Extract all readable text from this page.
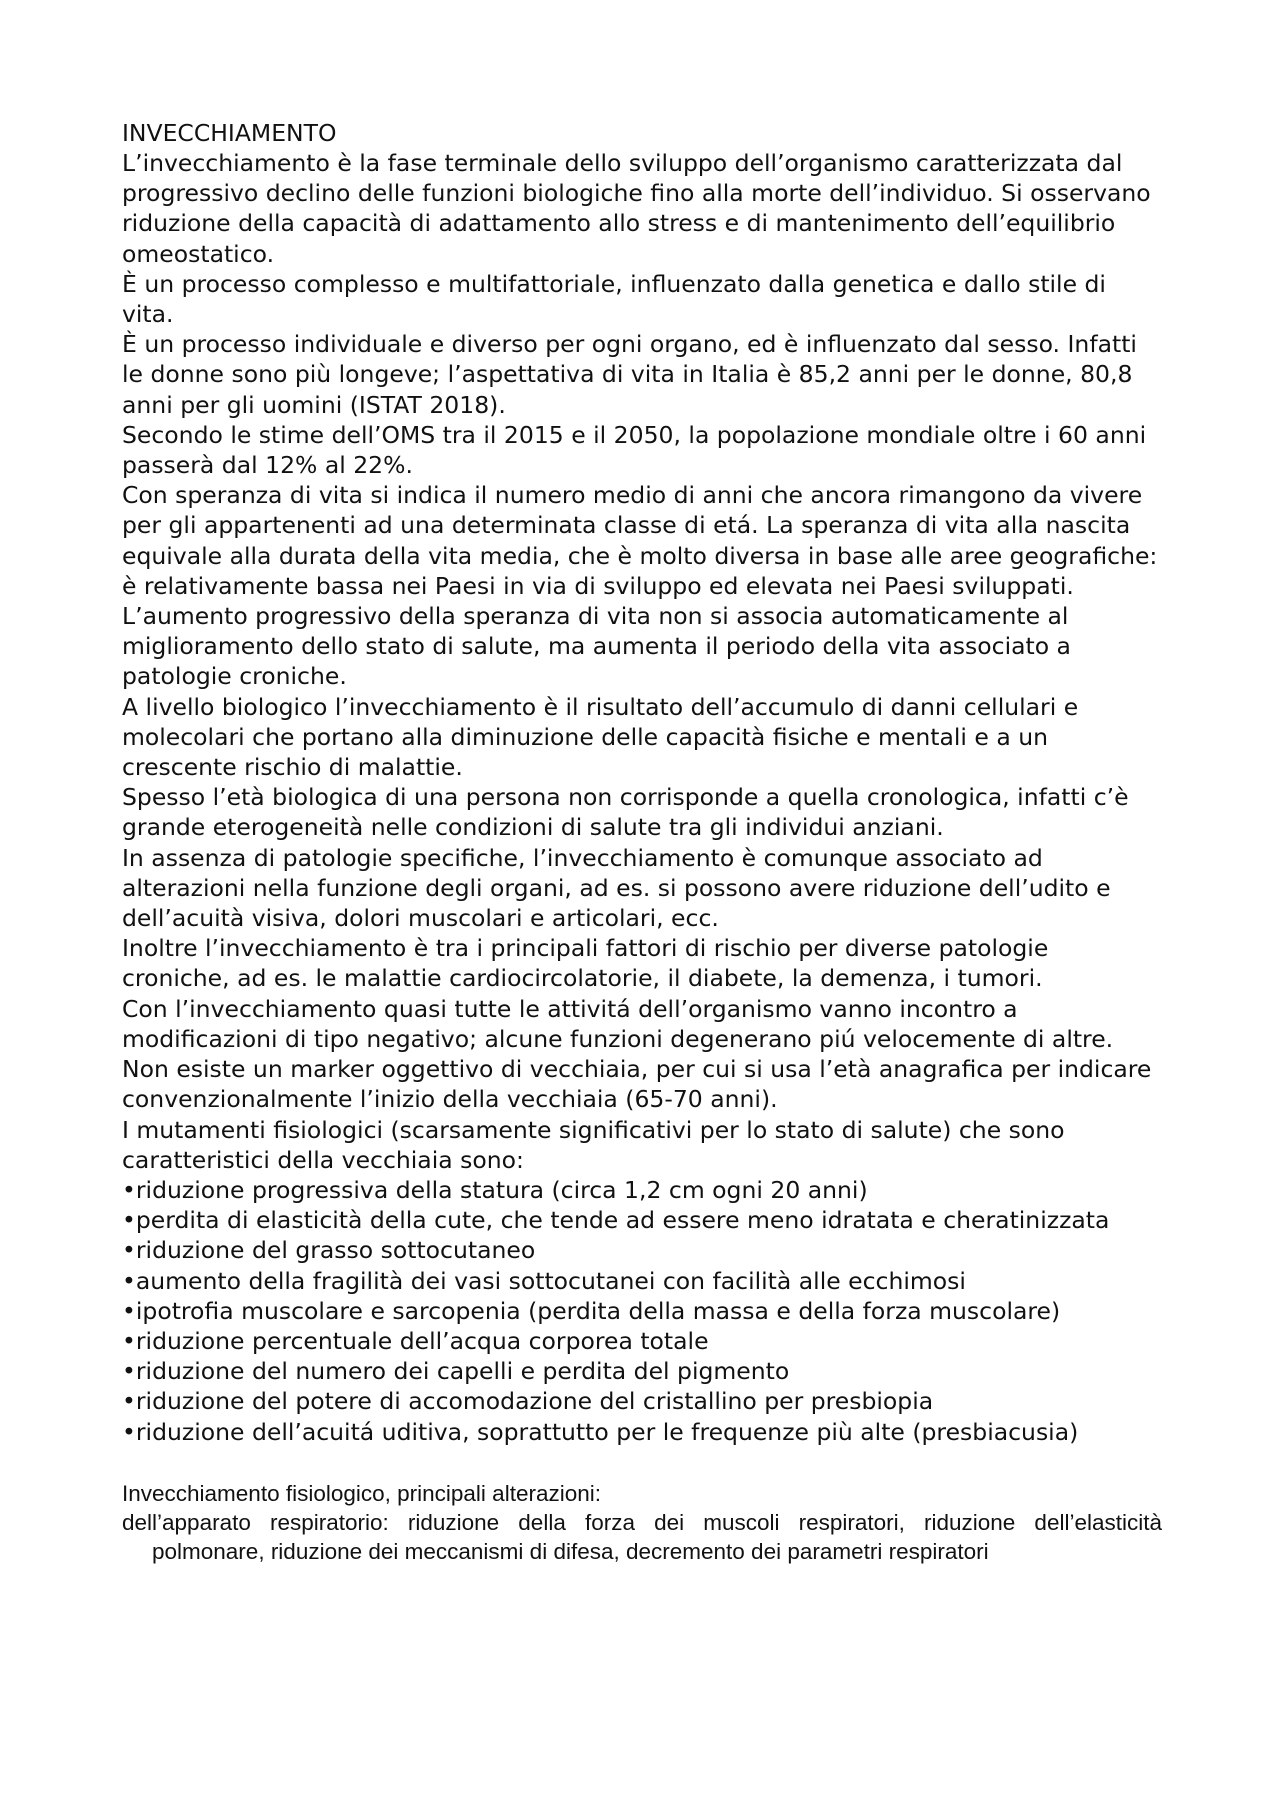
INVECCHIAMENTO

L’invecchiamento è la fase terminale dello sviluppo dell’organismo caratterizzata dal progressivo declino delle funzioni biologiche fino alla morte dell’individuo. Si osservano riduzione della capacità di adattamento allo stress e di mantenimento dell’equilibrio omeostatico.

È un processo complesso e multifattoriale, influenzato dalla genetica e dallo stile di vita.

È un processo individuale e diverso per ogni organo, ed è influenzato dal sesso. Infatti le donne sono più longeve; l’aspettativa di vita in Italia è 85,2 anni per le donne, 80,8 anni per gli uomini (ISTAT 2018).

Secondo le stime dell’OMS tra il 2015 e il 2050, la popolazione mondiale oltre i 60 anni passerà dal 12% al 22%.

Con speranza di vita si indica il numero medio di anni che ancora rimangono da vivere per gli appartenenti ad una determinata classe di etá. La speranza di vita alla nascita equivale alla durata della vita media, che è molto diversa in base alle aree geografiche: è relativamente bassa nei Paesi in via di sviluppo ed elevata nei Paesi sviluppati.

L’aumento progressivo della speranza di vita non si associa automaticamente al miglioramento dello stato di salute, ma aumenta il periodo della vita associato a patologie croniche.

A livello biologico l’invecchiamento è il risultato dell’accumulo di danni cellulari e molecolari che portano alla diminuzione delle capacità fisiche e mentali e a un crescente rischio di malattie.

Spesso l’età biologica di una persona non corrisponde a quella cronologica, infatti c’è grande eterogeneità nelle condizioni di salute tra gli individui anziani.

In assenza di patologie specifiche, l’invecchiamento è comunque associato ad alterazioni nella funzione degli organi, ad es. si possono avere riduzione dell’udito e dell’acuità visiva, dolori muscolari e articolari, ecc.

Inoltre l’invecchiamento è tra i principali fattori di rischio per diverse patologie croniche, ad es. le malattie cardiocircolatorie, il diabete, la demenza, i tumori.

Con l’invecchiamento quasi tutte le attivitá dell’organismo vanno incontro a modificazioni di tipo negativo; alcune funzioni degenerano piú velocemente di altre. Non esiste un marker oggettivo di vecchiaia, per cui si usa l’età anagrafica per indicare convenzionalmente l’inizio della vecchiaia (65-70 anni).

I mutamenti fisiologici (scarsamente significativi per lo stato di salute) che sono caratteristici della vecchiaia sono:

• riduzione progressiva della statura (circa 1,2 cm ogni 20 anni)
• perdita di elasticità della cute, che tende ad essere meno idratata e cheratinizzata
• riduzione del grasso sottocutaneo
• aumento della fragilità dei vasi sottocutanei con facilità alle ecchimosi
• ipotrofia muscolare e sarcopenia (perdita della massa e della forza muscolare)
• riduzione percentuale dell’acqua corporea totale
• riduzione del numero dei capelli e perdita del pigmento
• riduzione del potere di accomodazione del cristallino per presbiopia
• riduzione dell’acuitá uditiva, soprattutto per le frequenze più alte (presbiacusia)

Invecchiamento fisiologico, principali alterazioni:

dell’apparato respiratorio: riduzione della forza dei muscoli respiratori, riduzione dell’elasticità polmonare, riduzione dei meccanismi di difesa, decremento dei parametri respiratori
